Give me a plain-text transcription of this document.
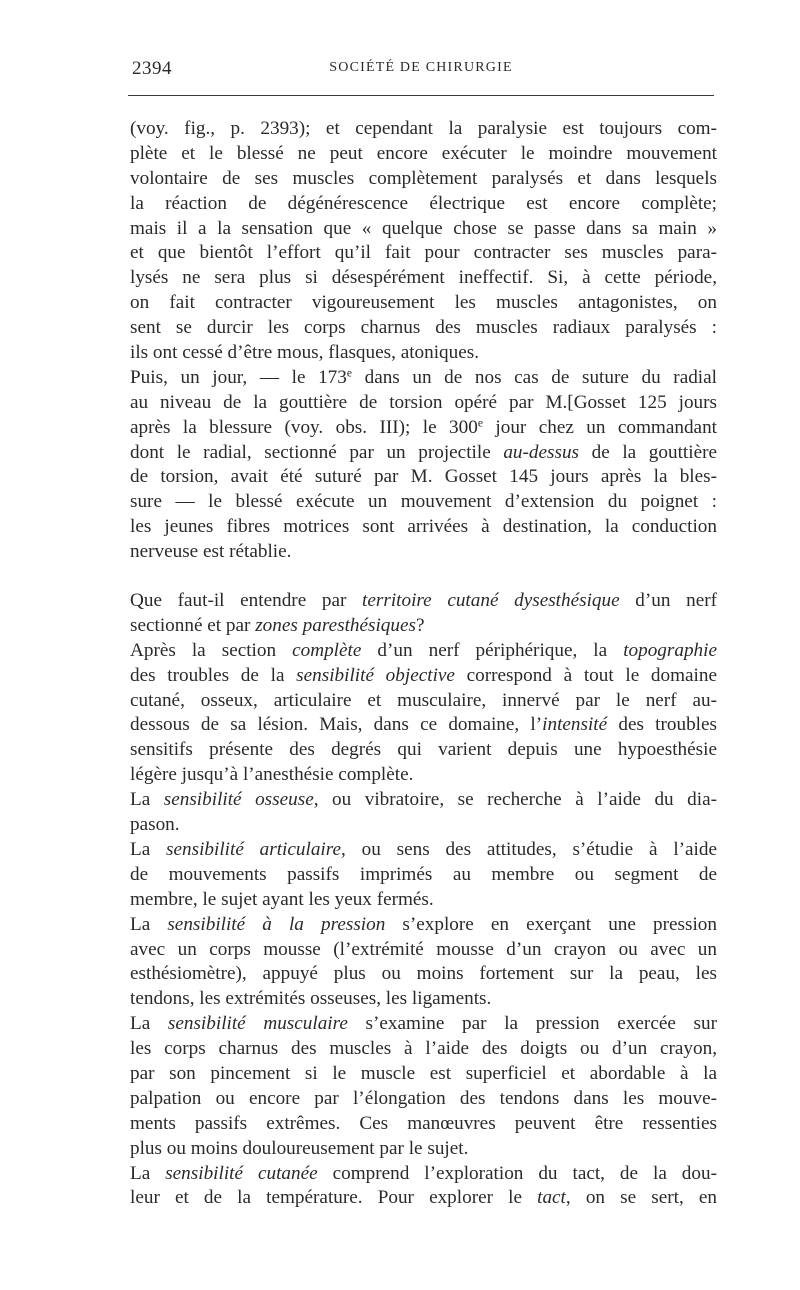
2394	SOCIÉTÉ DE CHIRURGIE
(voy. fig., p. 2393); et cependant la paralysie est toujours com-
plète et le blessé ne peut encore exécuter le moindre mouvement
volontaire de ses muscles complètement paralysés et dans lesquels
la réaction de dégénérescence électrique est encore complète;
mais il a la sensation que « quelque chose se passe dans sa main »
et que bientôt l’effort qu’il fait pour contracter ses muscles para-
lysés ne sera plus si désespérément ineffectif. Si, à cette période,
on fait contracter vigoureusement les muscles antagonistes, on
sent se durcir les corps charnus des muscles radiaux paralysés :
ils ont cessé d’être mous, flasques, atoniques.
Puis, un jour, — le 173e dans un de nos cas de suture du radial
au niveau de la gouttière de torsion opéré par M.[Gosset 125 jours
après la blessure (voy. obs. III); le 300e jour chez un commandant
dont le radial, sectionné par un projectile au-dessus de la gouttière
de torsion, avait été suturé par M. Gosset 145 jours après la bles-
sure — le blessé exécute un mouvement d’extension du poignet :
les jeunes fibres motrices sont arrivées à destination, la conduction
nerveuse est rétablie.
Que faut-il entendre par territoire cutané dysesthésique d’un nerf
sectionné et par zones paresthésiques?
Après la section complète d’un nerf périphérique, la topographie
des troubles de la sensibilité objective correspond à tout le domaine
cutané, osseux, articulaire et musculaire, innervé par le nerf au-
dessous de sa lésion. Mais, dans ce domaine, l’intensité des troubles
sensitifs présente des degrés qui varient depuis une hypoesthésie
légère jusqu’à l’anesthésie complète.
La sensibilité osseuse, ou vibratoire, se recherche à l’aide du dia-
pason.
La sensibilité articulaire, ou sens des attitudes, s’étudie à l’aide
de mouvements passifs imprimés au membre ou segment de
membre, le sujet ayant les yeux fermés.
La sensibilité à la pression s’explore en exerçant une pression
avec un corps mousse (l’extrémité mousse d’un crayon ou avec un
esthésiomètre), appuyé plus ou moins fortement sur la peau, les
tendons, les extrémités osseuses, les ligaments.
La sensibilité musculaire s’examine par la pression exercée sur
les corps charnus des muscles à l’aide des doigts ou d’un crayon,
par son pincement si le muscle est superficiel et abordable à la
palpation ou encore par l’élongation des tendons dans les mouve-
ments passifs extrêmes. Ces manœuvres peuvent être ressenties
plus ou moins douloureusement par le sujet.
La sensibilité cutanée comprend l’exploration du tact, de la dou-
leur et de la température. Pour explorer le tact, on se sert, en
